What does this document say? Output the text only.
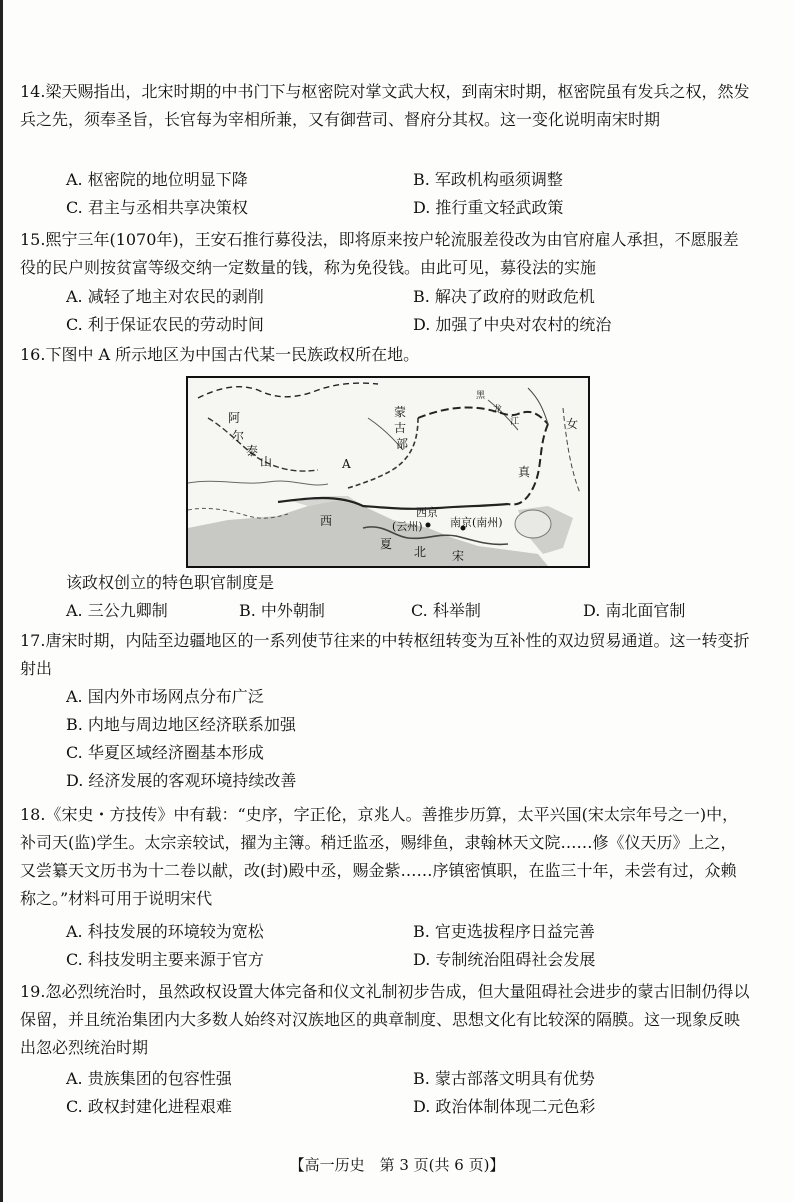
14.梁天赐指出，北宋时期的中书门下与枢密院对掌文武大权，到南宋时期，枢密院虽有发兵之权，然发兵之先，须奉圣旨，长官每为宰相所兼，又有御营司、督府分其权。这一变化说明南宋时期

A. 枢密院的地位明显下降	B. 军政机构亟须调整
C. 君主与丞相共享决策权	D. 推行重文轻武政策

15.熙宁三年(1070年)，王安石推行募役法，即将原来按户轮流服差役改为由官府雇人承担，不愿服差役的民户则按贫富等级交纳一定数量的钱，称为免役钱。由此可见，募役法的实施

A. 减轻了地主对农民的剥削	B. 解决了政府的财政危机
C. 利于保证农民的劳动时间	D. 加强了中央对农村的统治

16.下图中 A 所示地区为中国古代某一民族政权所在地。

阿
尔
泰
山	A
蒙
古
部
黑
龙
江	女
真
西
夏
西京
(云州) 南京(南州)
北 宋

该政权创立的特色职官制度是

A. 三公九卿制	B. 中外朝制	C. 科举制	D. 南北面官制

17.唐宋时期，内陆至边疆地区的一系列使节往来的中转枢纽转变为互补性的双边贸易通道。这一转变折射出

A. 国内外市场网点分布广泛
B. 内地与周边地区经济联系加强
C. 华夏区域经济圈基本形成
D. 经济发展的客观环境持续改善

18.《宋史・方技传》中有载：“史序，字正伦，京兆人。善推步历算，太平兴国(宋太宗年号之一)中，补司天(监)学生。太宗亲较试，擢为主簿。稍迁监丞，赐绯鱼，隶翰林天文院……修《仪天历》上之，又尝纂天文历书为十二卷以献，改(封)殿中丞，赐金紫……序镇密慎职，在监三十年，未尝有过，众赖称之。”材料可用于说明宋代

A. 科技发展的环境较为宽松	B. 官吏选拔程序日益完善
C. 科技发明主要来源于官方	D. 专制统治阻碍社会发展

19.忽必烈统治时，虽然政权设置大体完备和仪文礼制初步告成，但大量阻碍社会进步的蒙古旧制仍得以保留，并且统治集团内大多数人始终对汉族地区的典章制度、思想文化有比较深的隔膜。这一现象反映出忽必烈统治时期

A. 贵族集团的包容性强	B. 蒙古部落文明具有优势
C. 政权封建化进程艰难	D. 政治体制体现二元色彩
【高一历史　第 3 页(共 6 页)】
